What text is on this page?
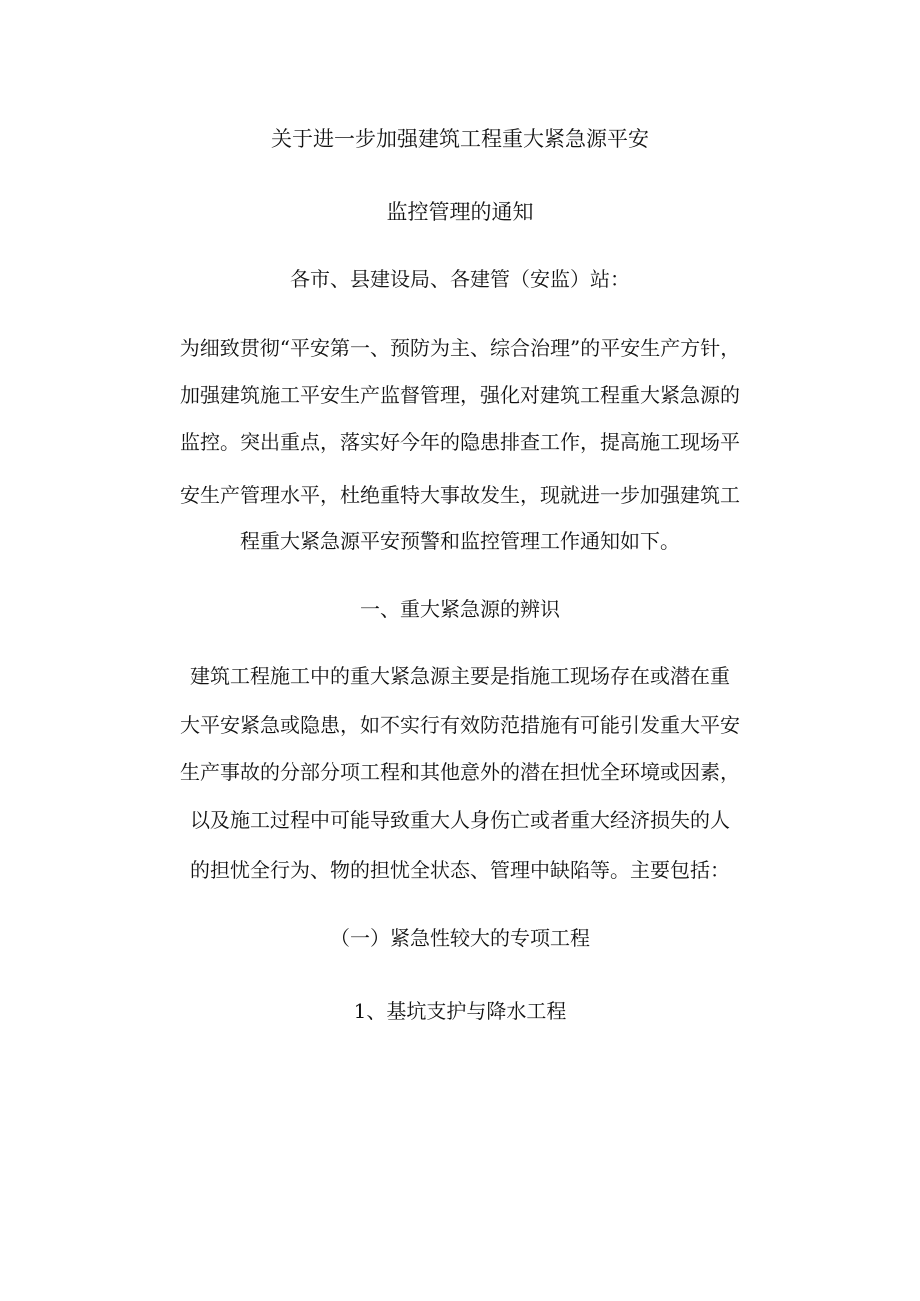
关于进一步加强建筑工程重大紧急源平安
监控管理的通知
各市、县建设局、各建管（安监）站：
为细致贯彻“平安第一、预防为主、综合治理”的平安生产方针，
加强建筑施工平安生产监督管理，强化对建筑工程重大紧急源的
监控。突出重点，落实好今年的隐患排查工作，提高施工现场平
安生产管理水平，杜绝重特大事故发生，现就进一步加强建筑工
程重大紧急源平安预警和监控管理工作通知如下。
一、重大紧急源的辨识
建筑工程施工中的重大紧急源主要是指施工现场存在或潜在重
大平安紧急或隐患，如不实行有效防范措施有可能引发重大平安
生产事故的分部分项工程和其他意外的潜在担忧全环境或因素，
以及施工过程中可能导致重大人身伤亡或者重大经济损失的人
的担忧全行为、物的担忧全状态、管理中缺陷等。主要包括：
（一）紧急性较大的专项工程
1、基坑支护与降水工程
